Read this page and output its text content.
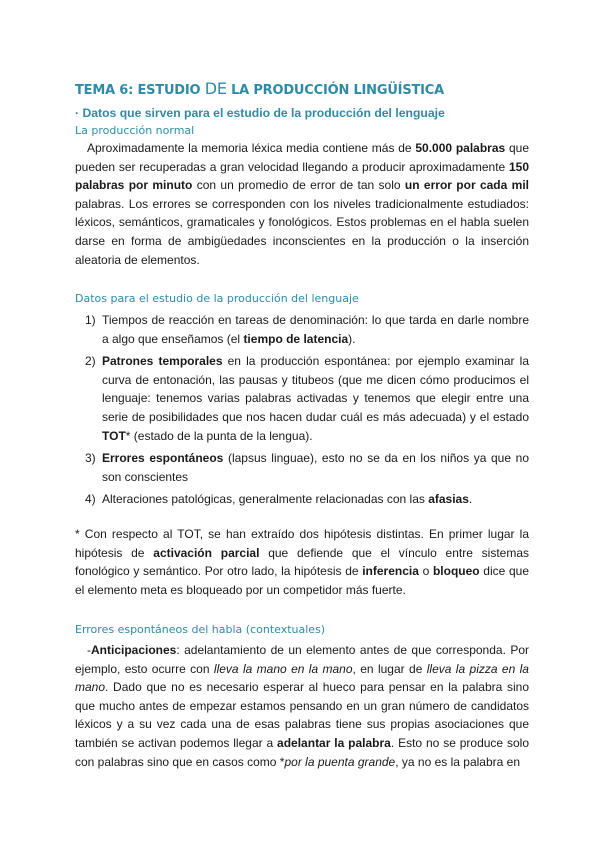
TEMA 6: ESTUDIO DE LA PRODUCCIÓN LINGÜÍSTICA
· Datos que sirven para el estudio de la producción del lenguaje
La producción normal
Aproximadamente la memoria léxica media contiene más de 50.000 palabras que pueden ser recuperadas a gran velocidad llegando a producir aproximadamente 150 palabras por minuto con un promedio de error de tan solo un error por cada mil palabras. Los errores se corresponden con los niveles tradicionalmente estudiados: léxicos, semánticos, gramaticales y fonológicos. Estos problemas en el habla suelen darse en forma de ambigüedades inconscientes en la producción o la inserción aleatoria de elementos.
Datos para el estudio de la producción del lenguaje
1) Tiempos de reacción en tareas de denominación: lo que tarda en darle nombre a algo que enseñamos (el tiempo de latencia).
2) Patrones temporales en la producción espontánea: por ejemplo examinar la curva de entonación, las pausas y titubeos (que me dicen cómo producimos el lenguaje: tenemos varias palabras activadas y tenemos que elegir entre una serie de posibilidades que nos hacen dudar cuál es más adecuada) y el estado TOT* (estado de la punta de la lengua).
3) Errores espontáneos (lapsus linguae), esto no se da en los niños ya que no son conscientes
4) Alteraciones patológicas, generalmente relacionadas con las afasias.
* Con respecto al TOT, se han extraído dos hipótesis distintas. En primer lugar la hipótesis de activación parcial que defiende que el vínculo entre sistemas fonológico y semántico. Por otro lado, la hipótesis de inferencia o bloqueo dice que el elemento meta es bloqueado por un competidor más fuerte.
Errores espontáneos del habla (contextuales)
-Anticipaciones: adelantamiento de un elemento antes de que corresponda. Por ejemplo, esto ocurre con lleva la mano en la mano, en lugar de lleva la pizza en la mano. Dado que no es necesario esperar al hueco para pensar en la palabra sino que mucho antes de empezar estamos pensando en un gran número de candidatos léxicos y a su vez cada una de esas palabras tiene sus propias asociaciones que también se activan podemos llegar a adelantar la palabra. Esto no se produce solo con palabras sino que en casos como *por la puenta grande, ya no es la palabra en
